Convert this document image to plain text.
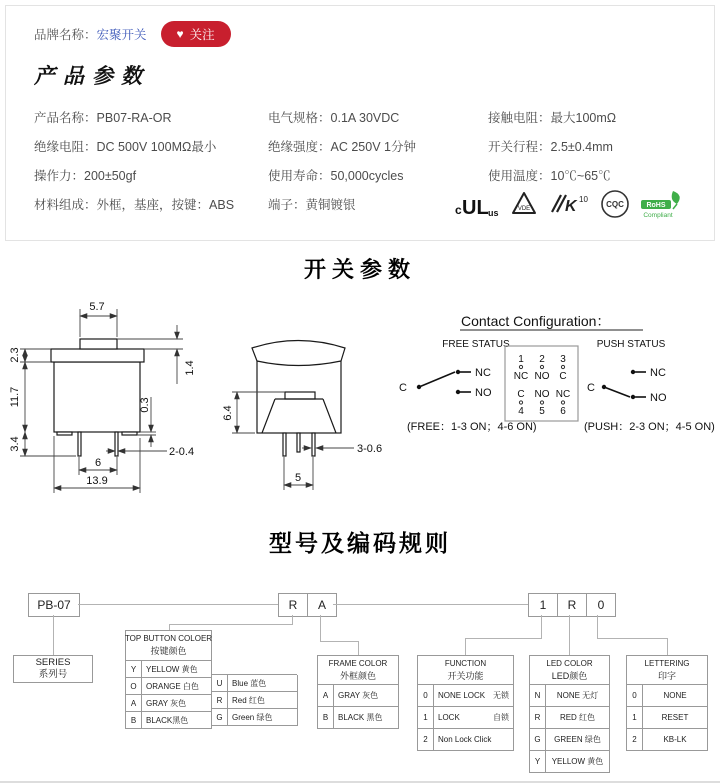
品牌名称： 宏聚开关	♥ 关注
产品参数
产品名称：PB07-RA-OR	电气规格：0.1A 30VDC	接触电阻：最大100mΩ
绝缘电阻：DC 500V 100MΩ最小	绝缘强度：AC 250V 1分钟	开关行程：2.5±0.4mm
操作力：200±50gf	使用寿命：50,000cycles	使用温度：10℃~65℃
材料组成：外框，基座，按键：ABS	端子：黄铜镀银	c UL us	VDE K 10
CQC	RoHS
Compliant
开关参数
5.7
2.3
11.7
3.4
1.4
0.3
2-0.4
6
13.9
6.4
3-0.6
5
Contact Configuration：
FREE STATUS	PUSH STATUS
C
NC
NO
1 2 3
NC NO C
C NO NC
4 5 6
C
NC
NO
(FREE：1-3 ON；4-6 ON)	(PUSH：2-3 ON；4-5 ON)
型号及编码规则
PB-07	R	A	1	R	0
SERIES
系列号
TOP BUTTON COLOER
按键颜色
Y	YELLOW 黄色
O	ORANGE 白色
A	GRAY 灰色
B	BLACK黑色
U	Blue 蓝色
R	Red 红色
G	Green 绿色
FRAME COLOR
外框颜色
A	GRAY 灰色
B	BLACK 黑色
FUNCTION
开关功能
0	NONE LOCK 无锁
1	LOCK	自锁
2	Non Lock Click
LED COLOR
LED颜色
N	NONE 无灯
R	RED 红色
G	GREEN 绿色
Y	YELLOW 黄色
LETTERING
印字
0	NONE
1	RESET
2	KB-LK
